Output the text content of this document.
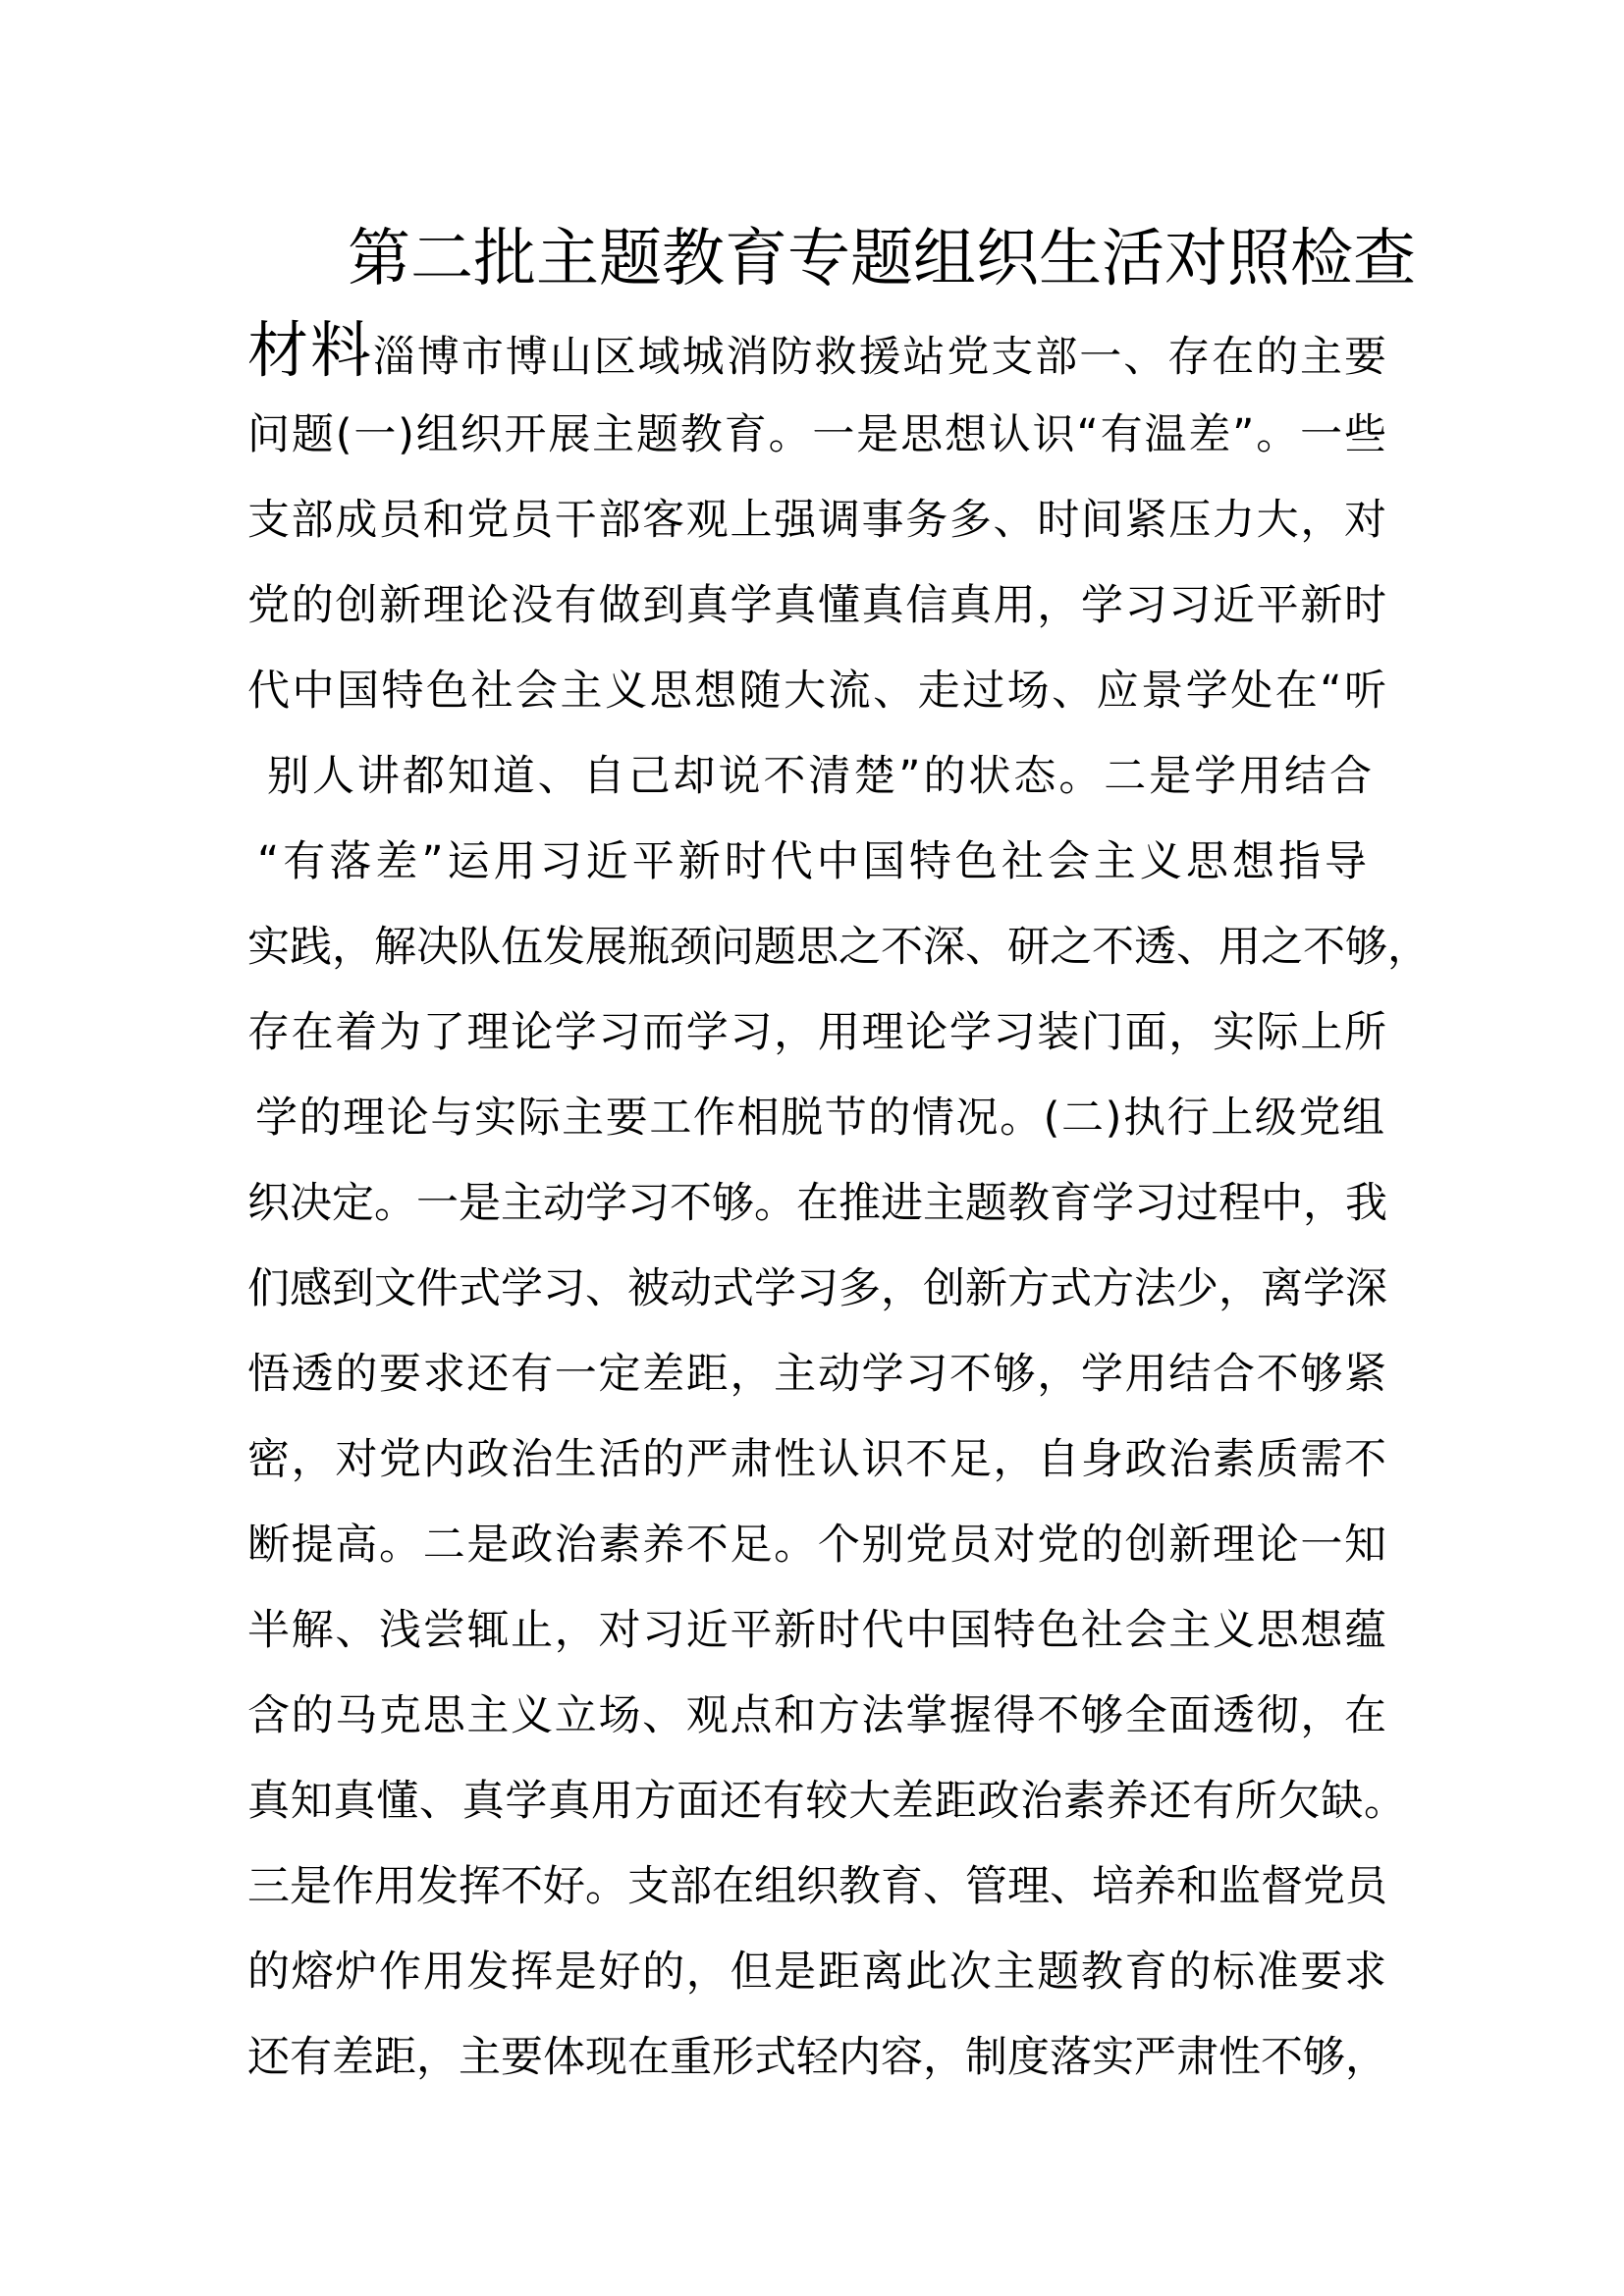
第二批主题教育专题组织生活对照检查
材料淄博市博山区域城消防救援站党支部一、存在的主要
问题(一)组织开展主题教育。一是思想认识“有温差”。一些
支部成员和党员干部客观上强调事务多、时间紧压力大，对
党的创新理论没有做到真学真懂真信真用，学习习近平新时
代中国特色社会主义思想随大流、走过场、应景学处在“听
别人讲都知道、自己却说不清楚”的状态。二是学用结合
“有落差”运用习近平新时代中国特色社会主义思想指导
实践，解决队伍发展瓶颈问题思之不深、研之不透、用之不够，
存在着为了理论学习而学习，用理论学习装门面，实际上所
学的理论与实际主要工作相脱节的情况。(二)执行上级党组
织决定。一是主动学习不够。在推进主题教育学习过程中，我
们感到文件式学习、被动式学习多，创新方式方法少，离学深
悟透的要求还有一定差距，主动学习不够，学用结合不够紧
密，对党内政治生活的严肃性认识不足，自身政治素质需不
断提高。二是政治素养不足。个别党员对党的创新理论一知
半解、浅尝辄止，对习近平新时代中国特色社会主义思想蕴
含的马克思主义立场、观点和方法掌握得不够全面透彻，在
真知真懂、真学真用方面还有较大差距政治素养还有所欠缺。
三是作用发挥不好。支部在组织教育、管理、培养和监督党员
的熔炉作用发挥是好的，但是距离此次主题教育的标准要求
还有差距，主要体现在重形式轻内容，制度落实严肃性不够，
